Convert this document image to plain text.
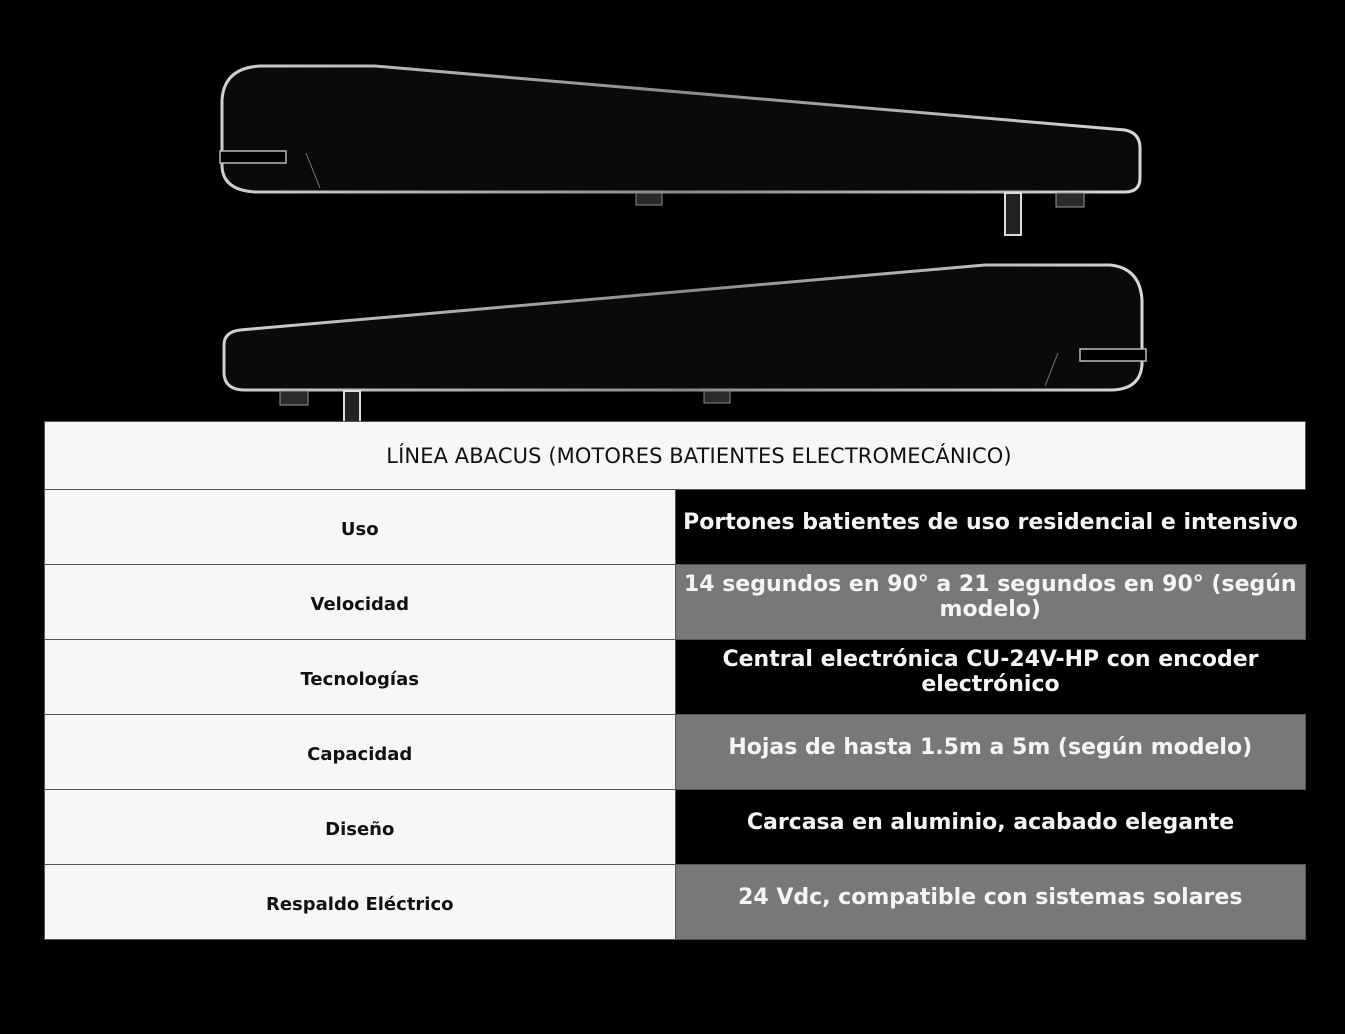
LÍNEA ABACUS (MOTORES BATIENTES ELECTROMECÁNICO)	
Uso	Portones batientes de uso residencial e intensivo
Velocidad	14 segundos en 90° a 21 segundos en 90° (según modelo)
Tecnologías	Central electrónica CU-24V-HP con encoder electrónico
Capacidad	Hojas de hasta 1.5m a 5m (según modelo)
Diseño	Carcasa en aluminio, acabado elegante
Respaldo Eléctrico	24 Vdc, compatible con sistemas solares
